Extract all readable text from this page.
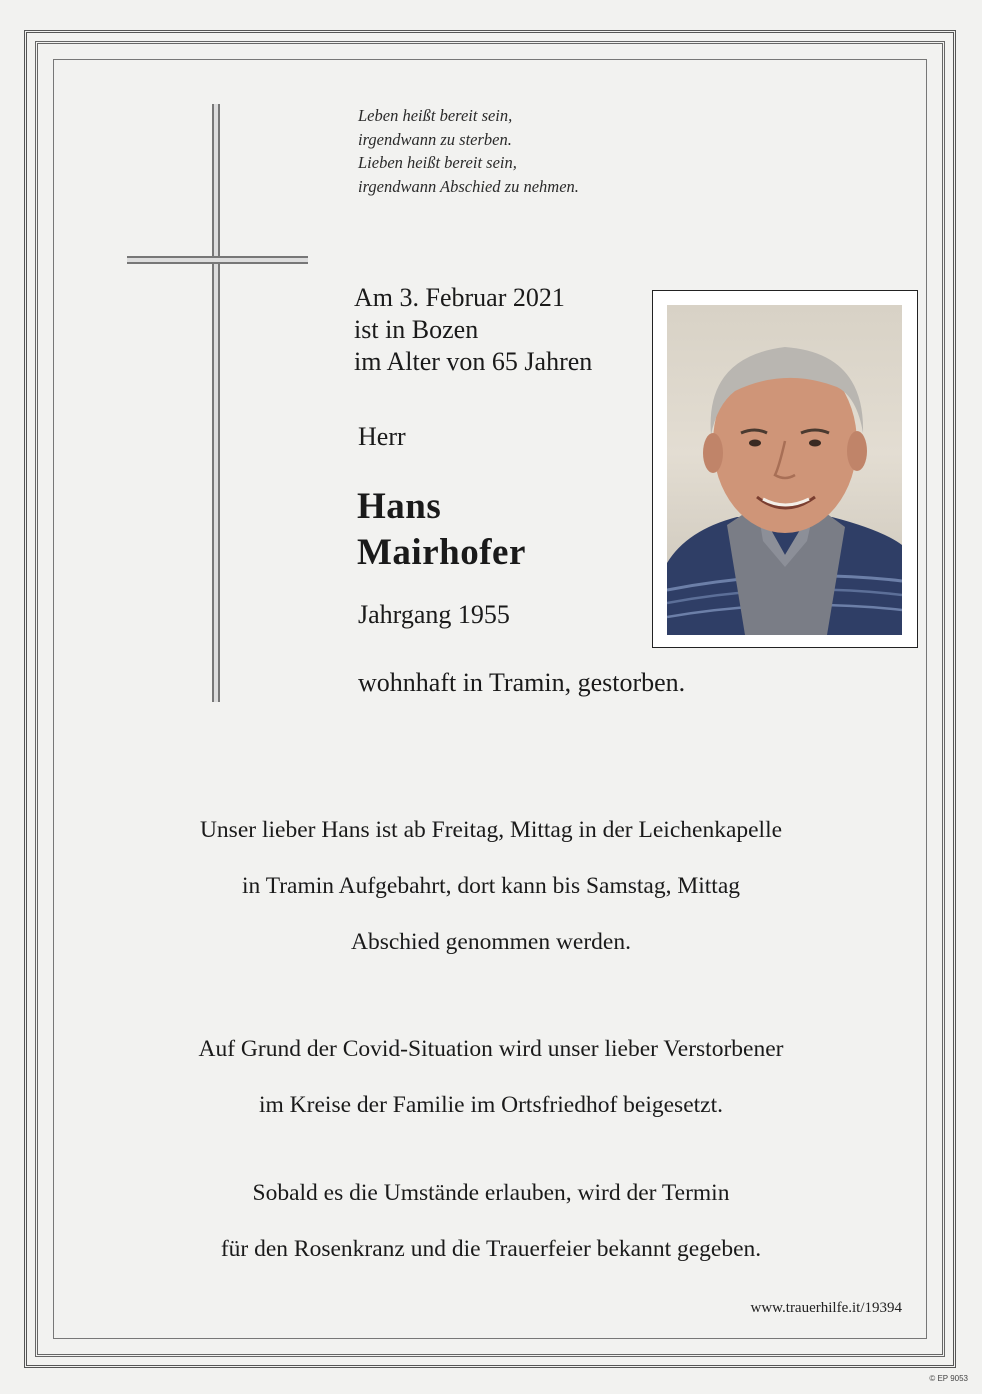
Leben heißt bereit sein,
irgendwann zu sterben.
Lieben heißt bereit sein,
irgendwann Abschied zu nehmen.
Am 3. Februar 2021
ist in Bozen
im Alter von 65 Jahren
Herr
Hans
Mairhofer
Jahrgang 1955
wohnhaft in Tramin, gestorben.
Unser lieber Hans ist ab Freitag, Mittag in der Leichenkapelle
in Tramin Aufgebahrt, dort kann bis Samstag, Mittag
Abschied genommen werden.
Auf Grund der Covid-Situation wird unser lieber Verstorbener
im Kreise der Familie im Ortsfriedhof beigesetzt.
Sobald es die Umstände erlauben, wird der Termin
für den Rosenkranz und die Trauerfeier bekannt gegeben.
www.trauerhilfe.it/19394
© EP 9053
